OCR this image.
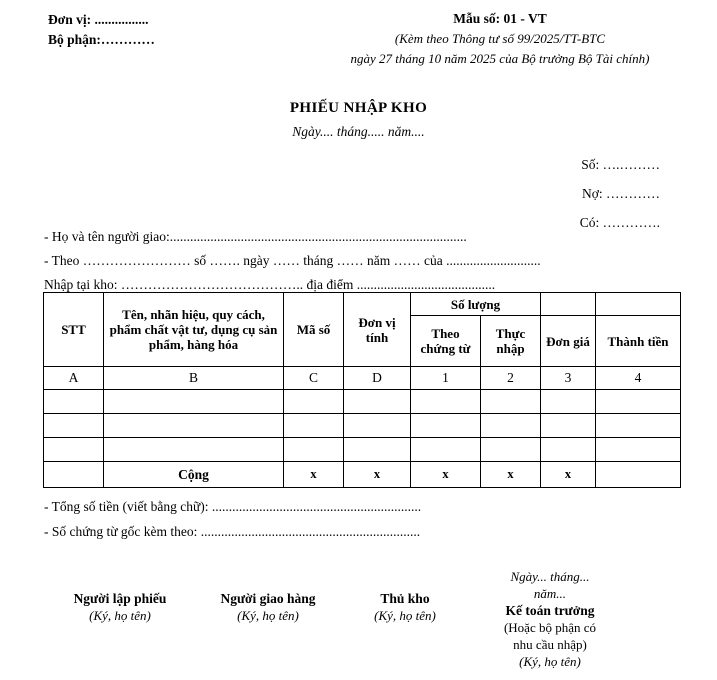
Đơn vị: ................
Bộ phận:…………
Mẫu số: 01 - VT
(Kèm theo Thông tư số 99/2025/TT-BTC
ngày 27 tháng 10 năm 2025 của Bộ trưởng Bộ Tài chính)
PHIẾU NHẬP KHO
Ngày.... tháng..... năm....
Số: ….………
Nợ: …………
Có: ………….
- Họ và tên người giao:........................................................................................
- Theo …………………… số ……. ngày …… tháng …… năm …… của ............................
Nhập tại kho: ………………………………….. địa điểm .........................................
STT	Tên, nhãn hiệu, quy cách, phẩm chất vật tư, dụng cụ sản phẩm, hàng hóa	Mã số	Đơn vị tính	Số lượng			
				Theo chứng từ	Thực nhập	Đơn giá	Thành tiền
A	B	C	D	1	2	3	4

	Cộng	x	x	x	x	x	
- Tổng số tiền (viết bằng chữ): ..............................................................
- Số chứng từ gốc kèm theo: .................................................................
Người lập phiếu
(Ký, họ tên)
Người giao hàng
(Ký, họ tên)
Thủ kho
(Ký, họ tên)
Ngày... tháng...
năm...
Kế toán trưởng
(Hoặc bộ phận có
nhu cầu nhập)
(Ký, họ tên)
